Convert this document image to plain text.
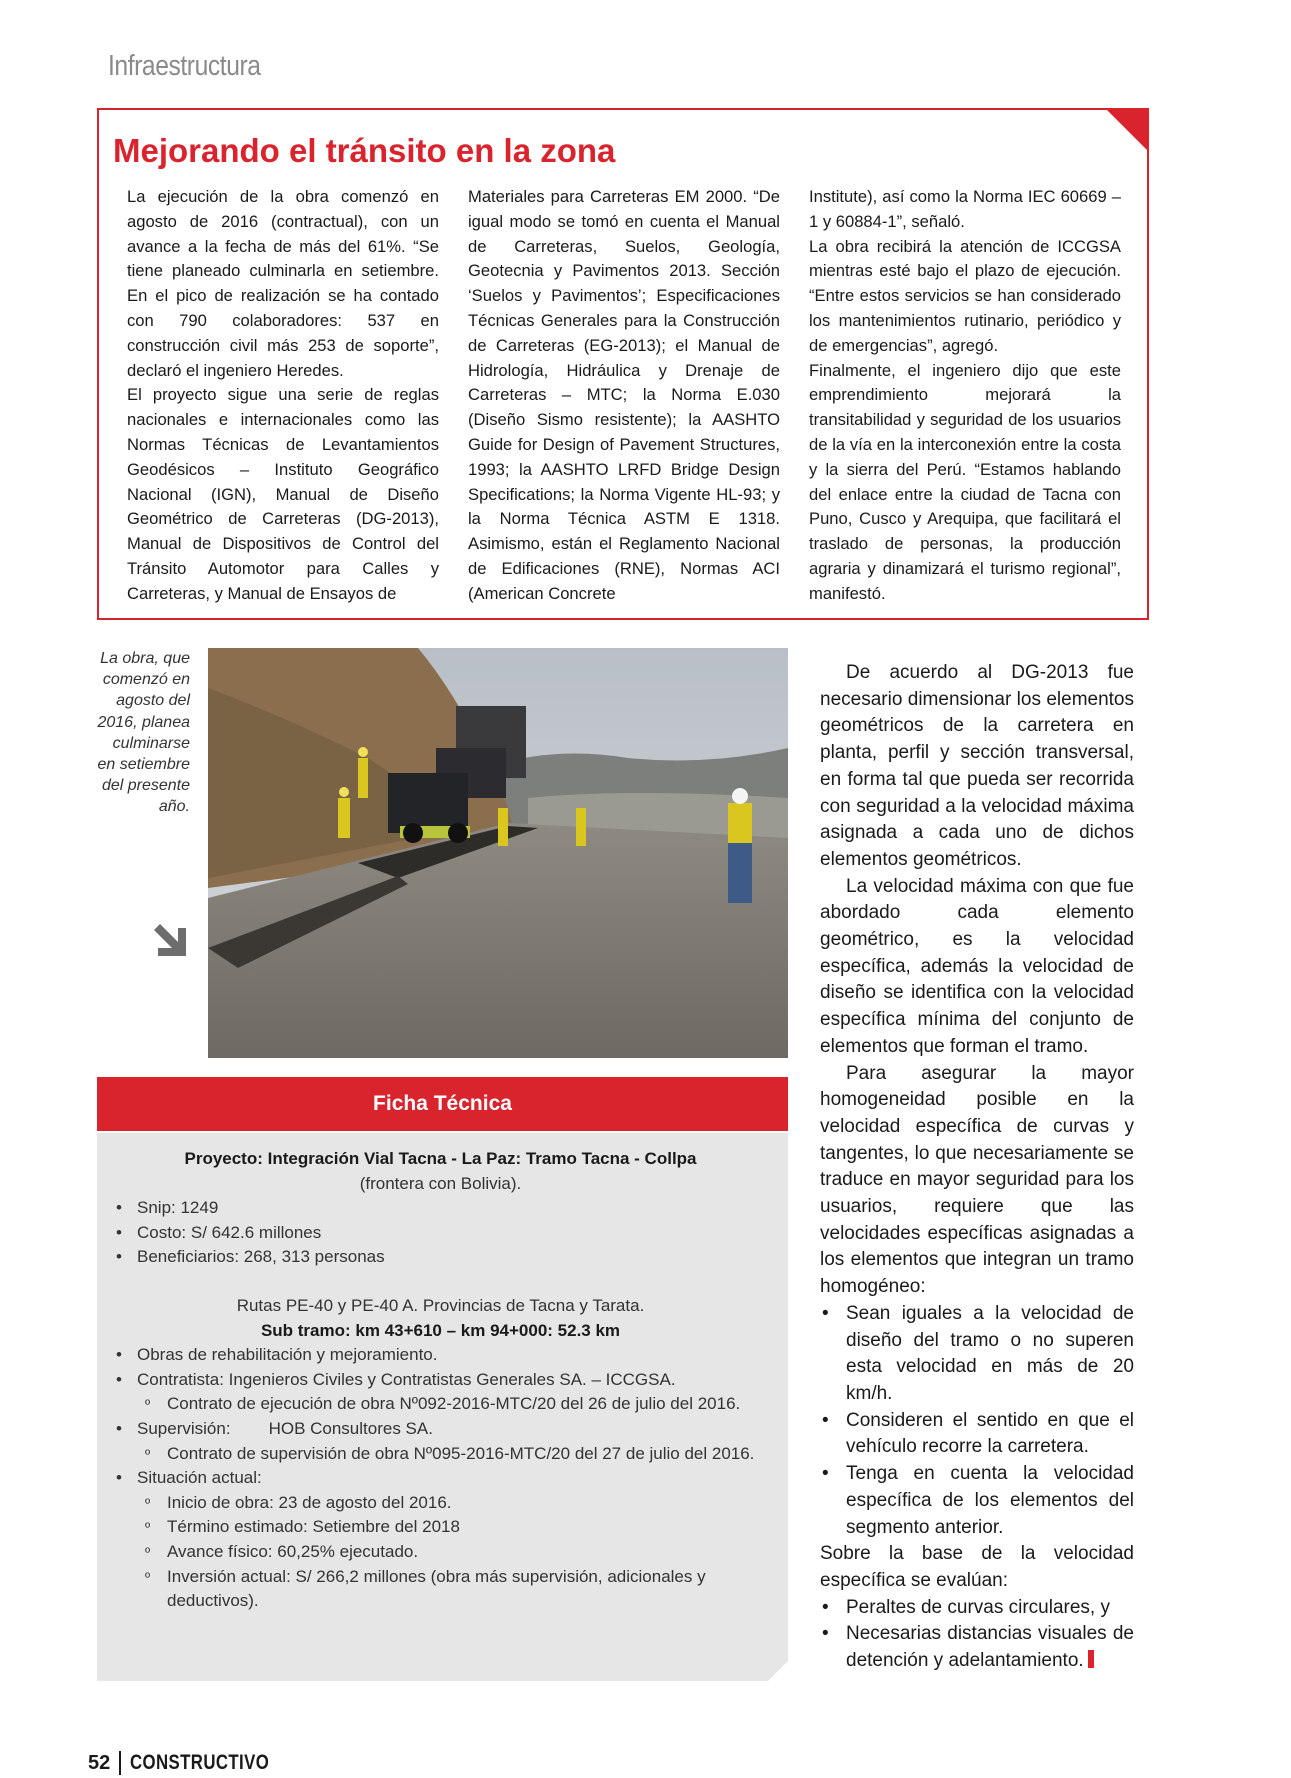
Infraestructura
Mejorando el tránsito en la zona

La ejecución de la obra comenzó en agosto de 2016 (contractual), con un avance a la fecha de más del 61%. “Se tiene planeado culminarla en setiembre. En el pico de realización se ha contado con 790 colaboradores: 537 en construcción civil más 253 de soporte”, declaró el ingeniero Heredes.

El proyecto sigue una serie de reglas nacionales e internacionales como las Normas Técnicas de Levantamientos Geodésicos – Instituto Geográfico Nacional (IGN), Manual de Diseño Geométrico de Carreteras (DG-2013), Manual de Dispositivos de Control del Tránsito Automotor para Calles y Carreteras, y Manual de Ensayos de

Materiales para Carreteras EM 2000. “De igual modo se tomó en cuenta el Manual de Carreteras, Suelos, Geología, Geotecnia y Pavimentos 2013. Sección ‘Suelos y Pavimentos’; Especificaciones Técnicas Generales para la Construcción de Carreteras (EG-2013); el Manual de Hidrología, Hidráulica y Drenaje de Carreteras – MTC; la Norma E.030 (Diseño Sismo resistente); la AASHTO Guide for Design of Pavement Structures, 1993; la AASHTO LRFD Bridge Design Specifications; la Norma Vigente HL-93; y la Norma Técnica ASTM E 1318. Asimismo, están el Reglamento Nacional de Edificaciones (RNE), Normas ACI (American Concrete

Institute), así como la Norma IEC 60669 – 1 y 60884-1”, señaló.

La obra recibirá la atención de ICCGSA mientras esté bajo el plazo de ejecución. “Entre estos servicios se han considerado los mantenimientos rutinario, periódico y de emergencias”, agregó.

Finalmente, el ingeniero dijo que este emprendimiento mejorará la transitabilidad y seguridad de los usuarios de la vía en la interconexión entre la costa y la sierra del Perú. “Estamos hablando del enlace entre la ciudad de Tacna con Puno, Cusco y Arequipa, que facilitará el traslado de personas, la producción agraria y dinamizará el turismo regional”, manifestó.

La obra, que comenzó en agosto del 2016, planea culminarse en setiembre del presente año.
Ficha Técnica
Proyecto: Integración Vial Tacna - La Paz: Tramo Tacna - Collpa
(frontera con Bolivia).
• Snip: 1249
• Costo: S/ 642.6 millones
• Beneficiarios: 268, 313 personas
Rutas PE-40 y PE-40 A. Provincias de Tacna y Tarata.
Sub tramo: km 43+610 – km 94+000: 52.3 km
• Obras de rehabilitación y mejoramiento.
• Contratista: Ingenieros Civiles y Contratistas Generales SA. – ICCGSA.
º Contrato de ejecución de obra Nº092-2016-MTC/20 del 26 de julio del 2016.
• Supervisión: HOB Consultores SA.
º Contrato de supervisión de obra Nº095-2016-MTC/20 del 27 de julio del 2016.
• Situación actual:
º Inicio de obra: 23 de agosto del 2016.
º Término estimado: Setiembre del 2018
º Avance físico: 60,25% ejecutado.
º Inversión actual: S/ 266,2 millones (obra más supervisión, adicionales y deductivos).

De acuerdo al DG-2013 fue necesario dimensionar los elementos geométricos de la carretera en planta, perfil y sección transversal, en forma tal que pueda ser recorrida con seguridad a la velocidad máxima asignada a cada uno de dichos elementos geométricos.

La velocidad máxima con que fue abordado cada elemento geométrico, es la velocidad específica, además la velocidad de diseño se identifica con la velocidad específica mínima del conjunto de elementos que forman el tramo.

Para asegurar la mayor homogeneidad posible en la velocidad específica de curvas y tangentes, lo que necesariamente se traduce en mayor seguridad para los usuarios, requiere que las velocidades específicas asignadas a los elementos que integran un tramo homogéneo:

• Sean iguales a la velocidad de diseño del tramo o no superen esta velocidad en más de 20 km/h.
• Consideren el sentido en que el vehículo recorre la carretera.
• Tenga en cuenta la velocidad específica de los elementos del segmento anterior.

Sobre la base de la velocidad específica se evalúan:

• Peraltes de curvas circulares, y
• Necesarias distancias visuales de detención y adelantamiento.
52 CONSTRUCTIVO
